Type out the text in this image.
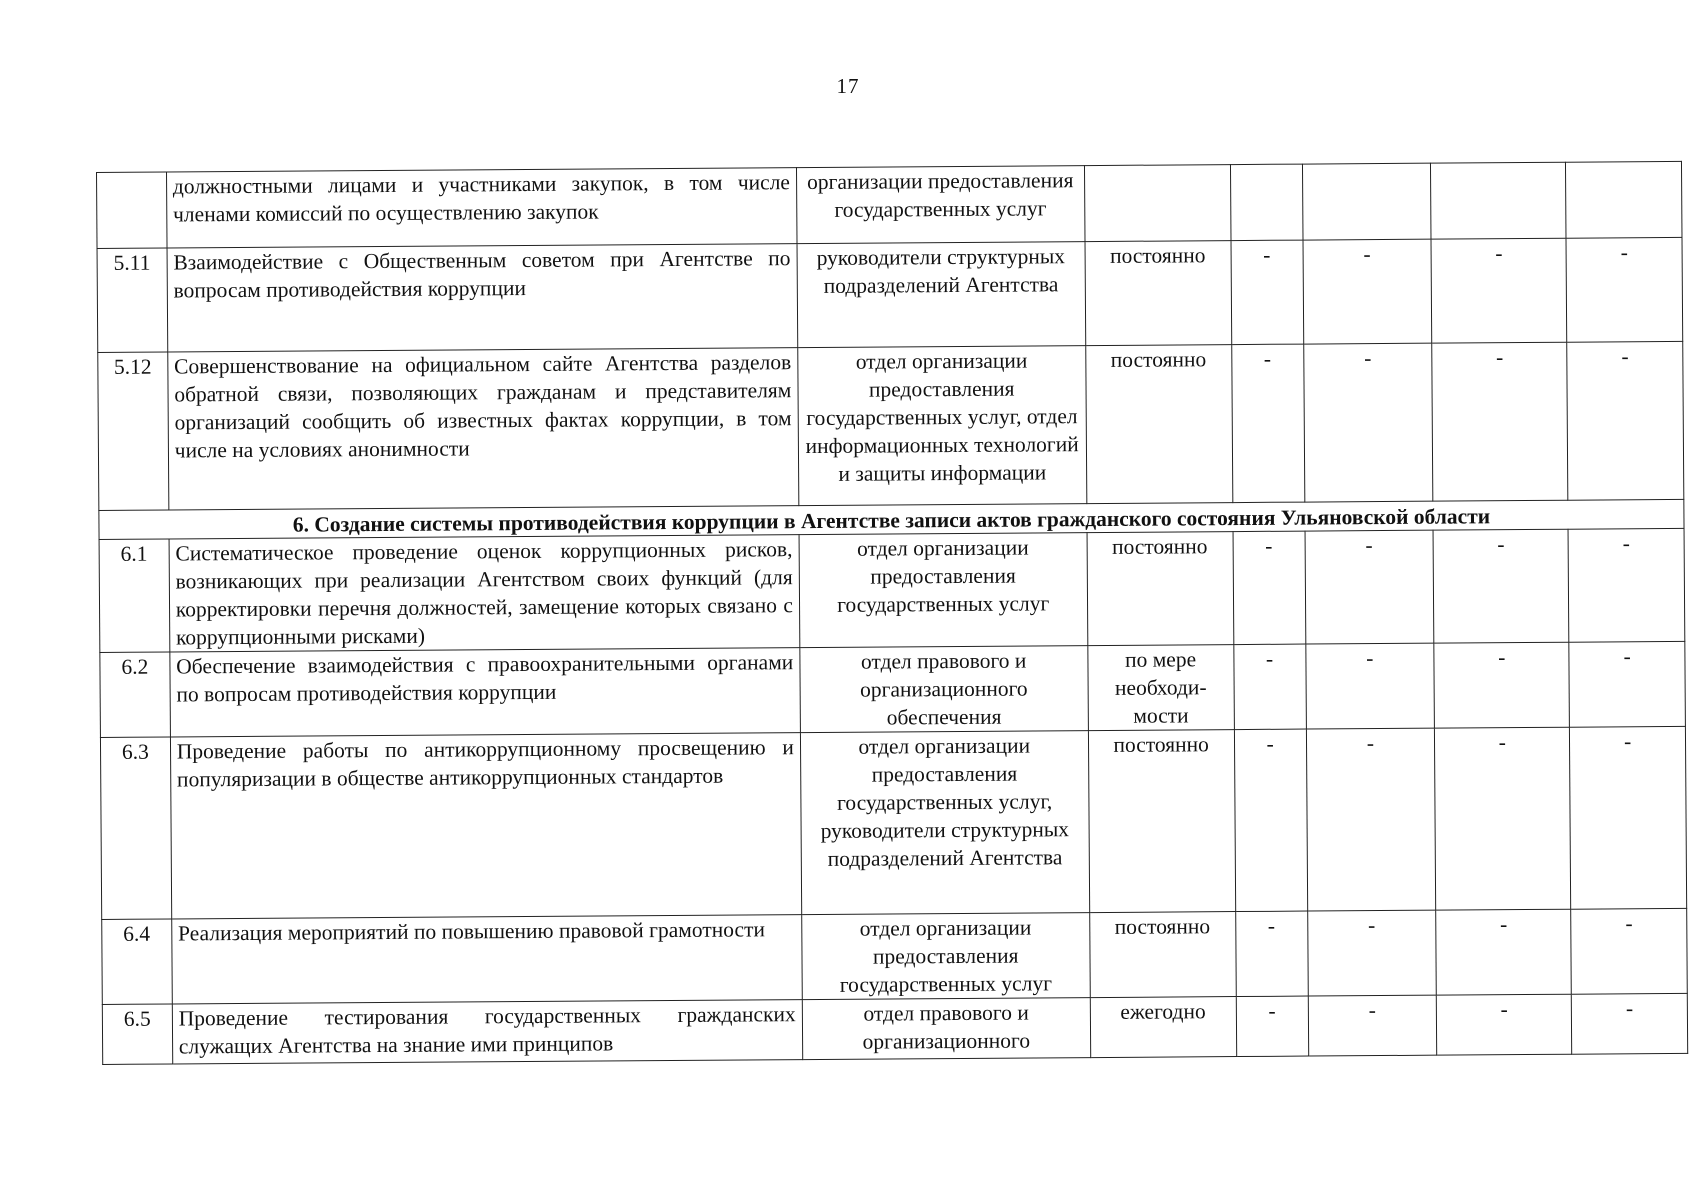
17
	должностными лицами и участниками закупок, в том числе членами комиссий по осуществлению закупок	организации предоставления государственных услуг					
5.11	Взаимодействие с Общественным советом при Агентстве по вопросам противодействия коррупции	руководители структурных подразделений Агентства	постоянно	-	-	-	-
5.12	Совершенствование на официальном сайте Агентства разделов обратной связи, позволяющих гражданам и представителям организаций сообщить об известных фактах коррупции, в том числе на условиях анонимности	отдел организации предоставления государственных услуг, отдел информационных технологий и защиты информации	постоянно	-	-	-	-
6. Создание системы противодействия коррупции в Агентстве записи актов гражданского состояния Ульяновской области							
6.1	Систематическое проведение оценок коррупционных рисков, возникающих при реализации Агентством своих функций (для корректировки перечня должностей, замещение которых связано с коррупционными рисками)	отдел организации предоставления государственных услуг	постоянно	-	-	-	-
6.2	Обеспечение взаимодействия с правоохранительными органами по вопросам противодействия коррупции	отдел правового и организационного обеспечения	по мере необходи-мости	-	-	-	-
6.3	Проведение работы по антикоррупционному просвещению и популяризации в обществе антикоррупционных стандартов	отдел организации предоставления государственных услуг, руководители структурных подразделений Агентства	постоянно	-	-	-	-
6.4	Реализация мероприятий по повышению правовой грамотности	отдел организации предоставления государственных услуг	постоянно	-	-	-	-
6.5	Проведение тестирования государственных гражданских служащих Агентства на знание ими принципов	отдел правового и организационного	ежегодно	-	-	-	-
